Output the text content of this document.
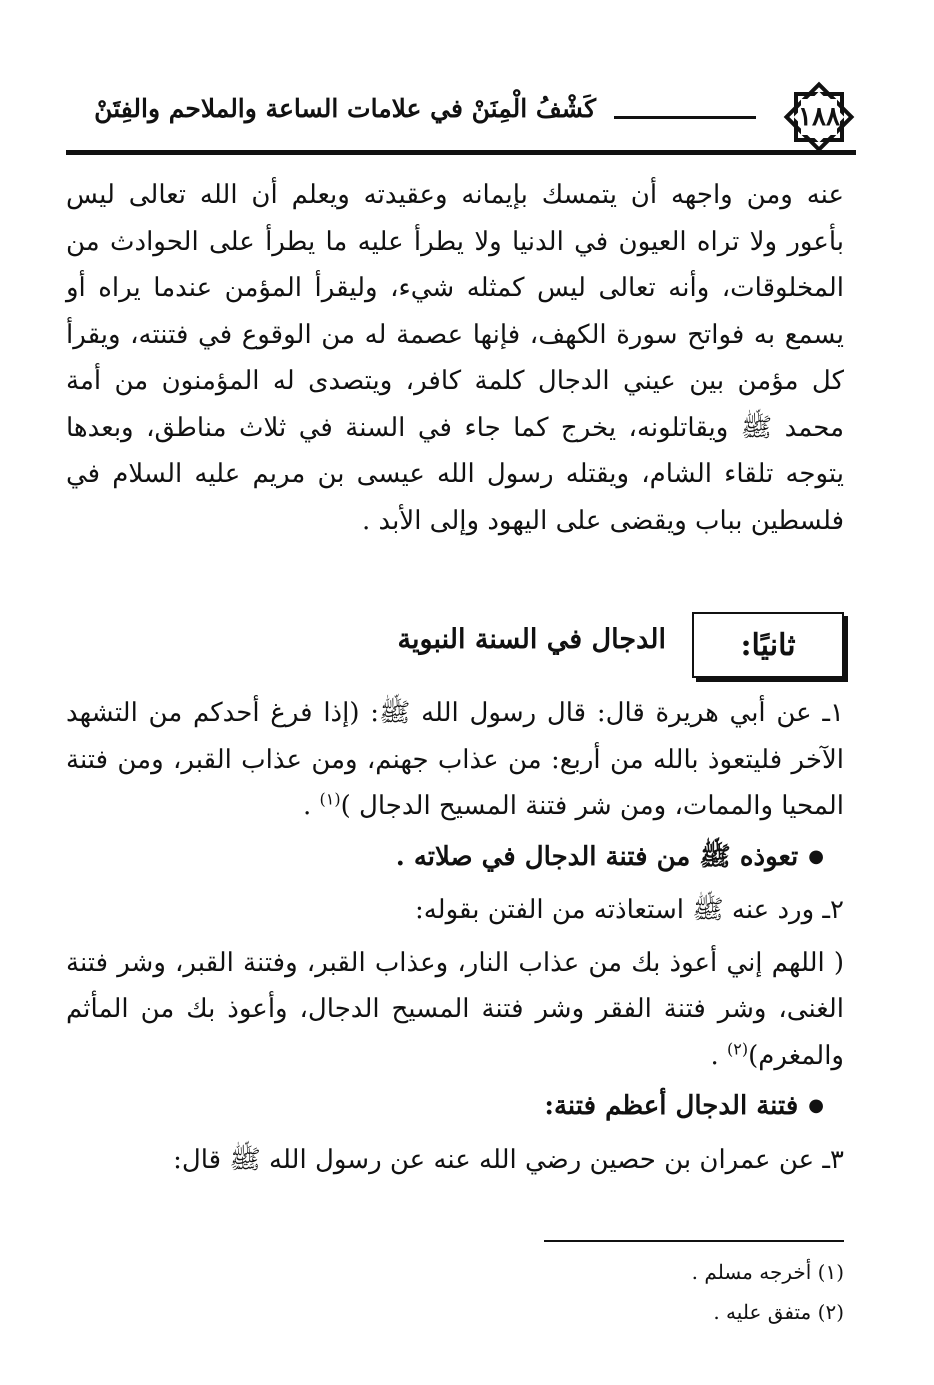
١٨٨
كَشْفُ الْمِنَنْ في علامات الساعة والملاحم والفِتَنْ

عنه ومن واجهه أن يتمسك بإيمانه وعقيدته ويعلم أن الله تعالى ليس بأعور ولا تراه العيون في الدنيا ولا يطرأ عليه ما يطرأ على الحوادث من المخلوقات، وأنه تعالى ليس كمثله شيء، وليقرأ المؤمن عندما يراه أو يسمع به فواتح سورة الكهف، فإنها عصمة له من الوقوع في فتنته، ويقرأ كل مؤمن بين عيني الدجال كلمة كافر، ويتصدى له المؤمنون من أمة محمد ﷺ ويقاتلونه، يخرج كما جاء في السنة في ثلاث مناطق، وبعدها يتوجه تلقاء الشام، ويقتله رسول الله عيسى بن مريم عليه السلام في فلسطين بباب ويقضى على اليهود وإلى الأبد .

ثانيًا:
الدجال في السنة النبوية

١ـ عن أبي هريرة قال: قال رسول الله ﷺ: (إذا فرغ أحدكم من التشهد الآخر فليتعوذ بالله من أربع: من عذاب جهنم، ومن عذاب القبر، ومن فتنة المحيا والممات، ومن شر فتنة المسيح الدجال )$^{(١)}$ .

● تعوذه ﷺ من فتنة الدجال في صلاته .

٢ـ ورد عنه ﷺ استعاذته من الفتن بقوله:

( اللهم إني أعوذ بك من عذاب النار، وعذاب القبر، وفتنة القبر، وشر فتنة الغنى، وشر فتنة الفقر وشر فتنة المسيح الدجال، وأعوذ بك من المأثم والمغرم)$^{(٢)}$ .

● فتنة الدجال أعظم فتنة:

٣ـ عن عمران بن حصين رضي الله عنه عن رسول الله ﷺ قال:

(١) أخرجه مسلم .

(٢) متفق عليه .
